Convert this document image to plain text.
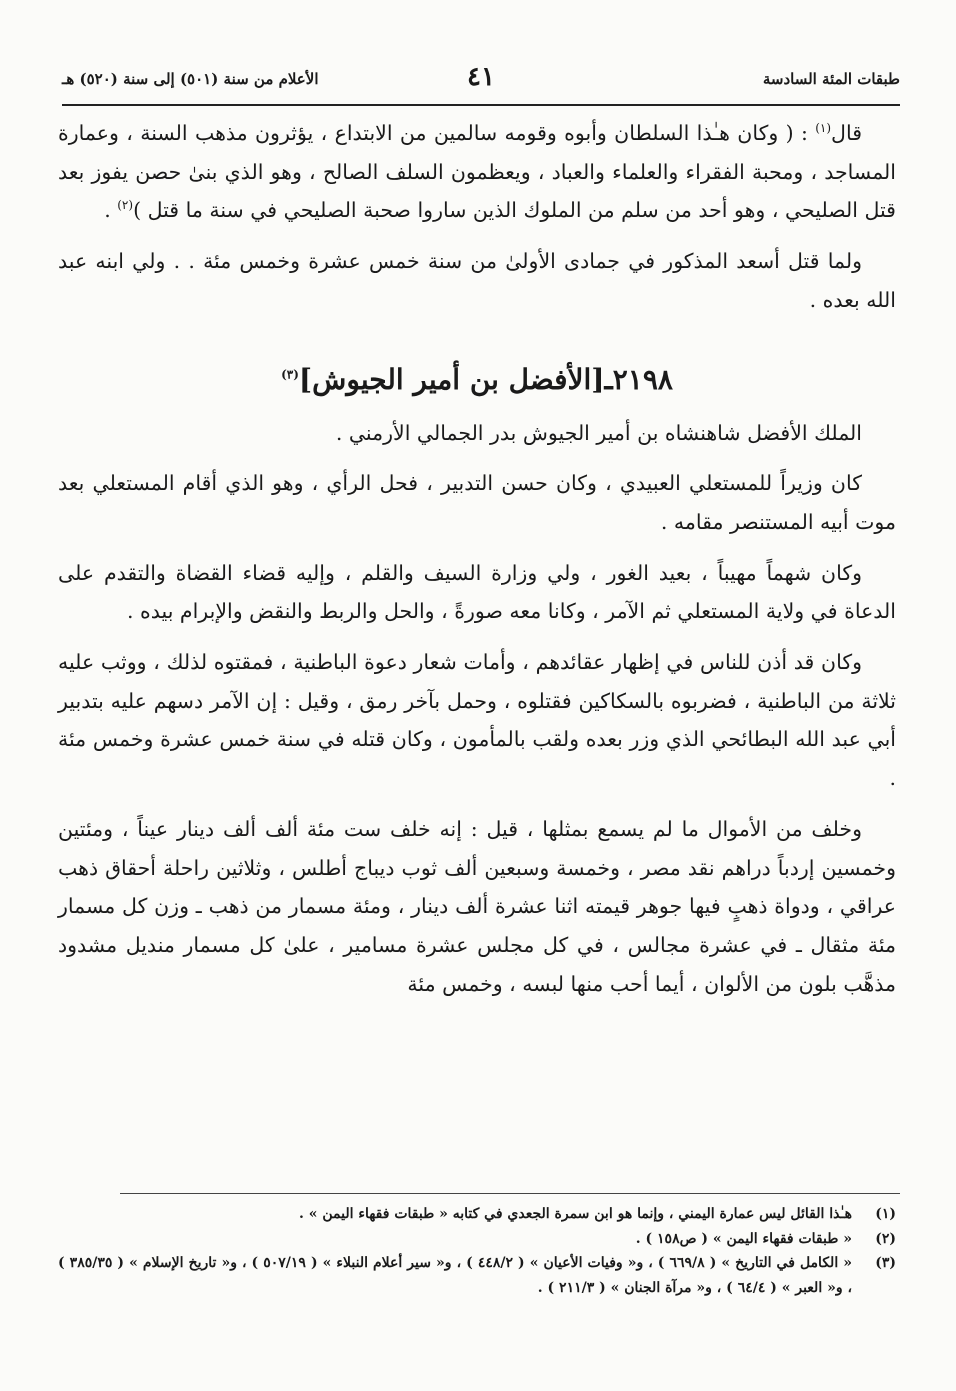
طبقات المئة السادسة
٤١
الأعلام من سنة (٥٠١) إلى سنة (٥٢٠) هـ

قال$^{(١)}$ : ( وكان هـٰذا السلطان وأبوه وقومه سالمين من الابتداع ، يؤثرون مذهب السنة ، وعمارة المساجد ، ومحبة الفقراء والعلماء والعباد ، ويعظمون السلف الصالح ، وهو الذي بنىٰ حصن يفوز بعد قتل الصليحي ، وهو أحد من سلم من الملوك الذين ساروا صحبة الصليحي في سنة ما قتل )$^{(٢)}$ .

ولما قتل أسعد المذكور في جمادى الأولىٰ من سنة خمس عشرة وخمس مئة . . ولي ابنه عبد الله بعده .

٢١٩٨ـ[الأفضل بن أمير الجيوش]$^{(٣)}$

الملك الأفضل شاهنشاه بن أمير الجيوش بدر الجمالي الأرمني .

كان وزيراً للمستعلي العبيدي ، وكان حسن التدبير ، فحل الرأي ، وهو الذي أقام المستعلي بعد موت أبيه المستنصر مقامه .

وكان شهماً مهيباً ، بعيد الغور ، ولي وزارة السيف والقلم ، وإليه قضاء القضاة والتقدم على الدعاة في ولاية المستعلي ثم الآمر ، وكانا معه صورةً ، والحل والربط والنقض والإبرام بيده .

وكان قد أذن للناس في إظهار عقائدهم ، وأمات شعار دعوة الباطنية ، فمقتوه لذلك ، ووثب عليه ثلاثة من الباطنية ، فضربوه بالسكاكين فقتلوه ، وحمل بآخر رمق ، وقيل : إن الآمر دسهم عليه بتدبير أبي عبد الله البطائحي الذي وزر بعده ولقب بالمأمون ، وكان قتله في سنة خمس عشرة وخمس مئة .

وخلف من الأموال ما لم يسمع بمثلها ، قيل : إنه خلف ست مئة ألف ألف دينار عيناً ، ومئتين وخمسين إردباً دراهم نقد مصر ، وخمسة وسبعين ألف ثوب ديباج أطلس ، وثلاثين راحلة أحقاق ذهب عراقي ، ودواة ذهبٍ فيها جوهر قيمته اثنا عشرة ألف دينار ، ومئة مسمار من ذهب ـ وزن كل مسمار مئة مثقال ـ في عشرة مجالس ، في كل مجلس عشرة مسامير ، علىٰ كل مسمار منديل مشدود مذهَّب بلون من الألوان ، أيما أحب منها لبسه ، وخمس مئة

(١)
هـٰذا القائل ليس عمارة اليمني ، وإنما هو ابن سمرة الجعدي في كتابه « طبقات فقهاء اليمن » .
(٢)
« طبقات فقهاء اليمن » ( ص١٥٨ ) .
(٣)
« الكامل في التاريخ » ( ٦٦٩/٨ ) ، و« وفيات الأعيان » ( ٤٤٨/٢ ) ، و« سير أعلام النبلاء » ( ٥٠٧/١٩ ) ، و« تاريخ الإسلام » ( ٣٨٥/٣٥ ) ، و« العبر » ( ٦٤/٤ ) ، و« مرآة الجنان » ( ٢١١/٣ ) .
